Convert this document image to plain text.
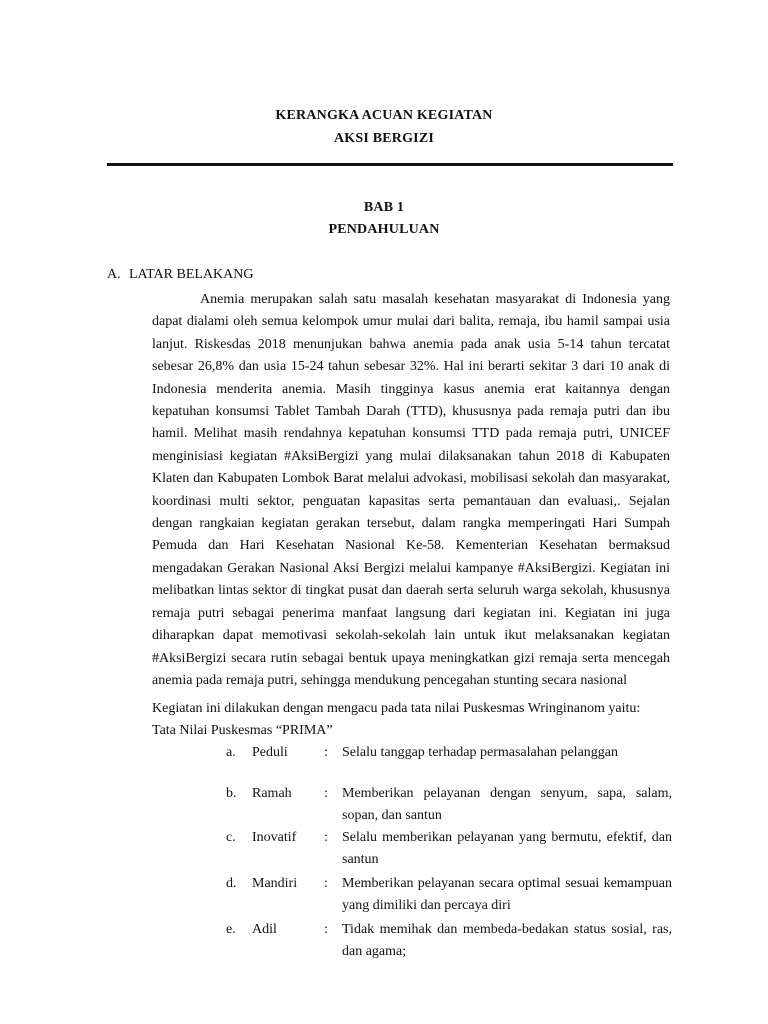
KERANGKA ACUAN KEGIATAN
AKSI BERGIZI
BAB 1
PENDAHULUAN
A. LATAR BELAKANG
Anemia merupakan salah satu masalah kesehatan masyarakat di Indonesia yang dapat dialami oleh semua kelompok umur mulai dari balita, remaja, ibu hamil sampai usia lanjut. Riskesdas 2018 menunjukan bahwa anemia pada anak usia 5-14 tahun tercatat sebesar 26,8% dan usia 15-24 tahun sebesar 32%. Hal ini berarti sekitar 3 dari 10 anak di Indonesia menderita anemia. Masih tingginya kasus anemia erat kaitannya dengan kepatuhan konsumsi Tablet Tambah Darah (TTD), khususnya pada remaja putri dan ibu hamil. Melihat masih rendahnya kepatuhan konsumsi TTD pada remaja putri, UNICEF menginisiasi kegiatan #AksiBergizi yang mulai dilaksanakan tahun 2018 di Kabupaten Klaten dan Kabupaten Lombok Barat melalui advokasi, mobilisasi sekolah dan masyarakat, koordinasi multi sektor, penguatan kapasitas serta pemantauan dan evaluasi,. Sejalan dengan rangkaian kegiatan gerakan tersebut, dalam rangka memperingati Hari Sumpah Pemuda dan Hari Kesehatan Nasional Ke-58. Kementerian Kesehatan bermaksud mengadakan Gerakan Nasional Aksi Bergizi melalui kampanye #AksiBergizi. Kegiatan ini melibatkan lintas sektor di tingkat pusat dan daerah serta seluruh warga sekolah, khususnya remaja putri sebagai penerima manfaat langsung dari kegiatan ini. Kegiatan ini juga diharapkan dapat memotivasi sekolah-sekolah lain untuk ikut melaksanakan kegiatan #AksiBergizi secara rutin sebagai bentuk upaya meningkatkan gizi remaja serta mencegah anemia pada remaja putri, sehingga mendukung pencegahan stunting secara nasional
Kegiatan ini dilakukan dengan mengacu pada tata nilai Puskesmas Wringinanom yaitu:
Tata Nilai Puskesmas “PRIMA”
a. Peduli	: Selalu tanggap terhadap permasalahan pelanggan
b. Ramah : Memberikan pelayanan dengan senyum, sapa, salam, sopan, dan santun
c. Inovatif : Selalu memberikan pelayanan yang bermutu, efektif, dan santun
d. Mandiri : Memberikan pelayanan secara optimal sesuai kemampuan yang dimiliki dan percaya diri
e. Adil	: Tidak memihak dan membeda-bedakan status sosial, ras, dan agama;
